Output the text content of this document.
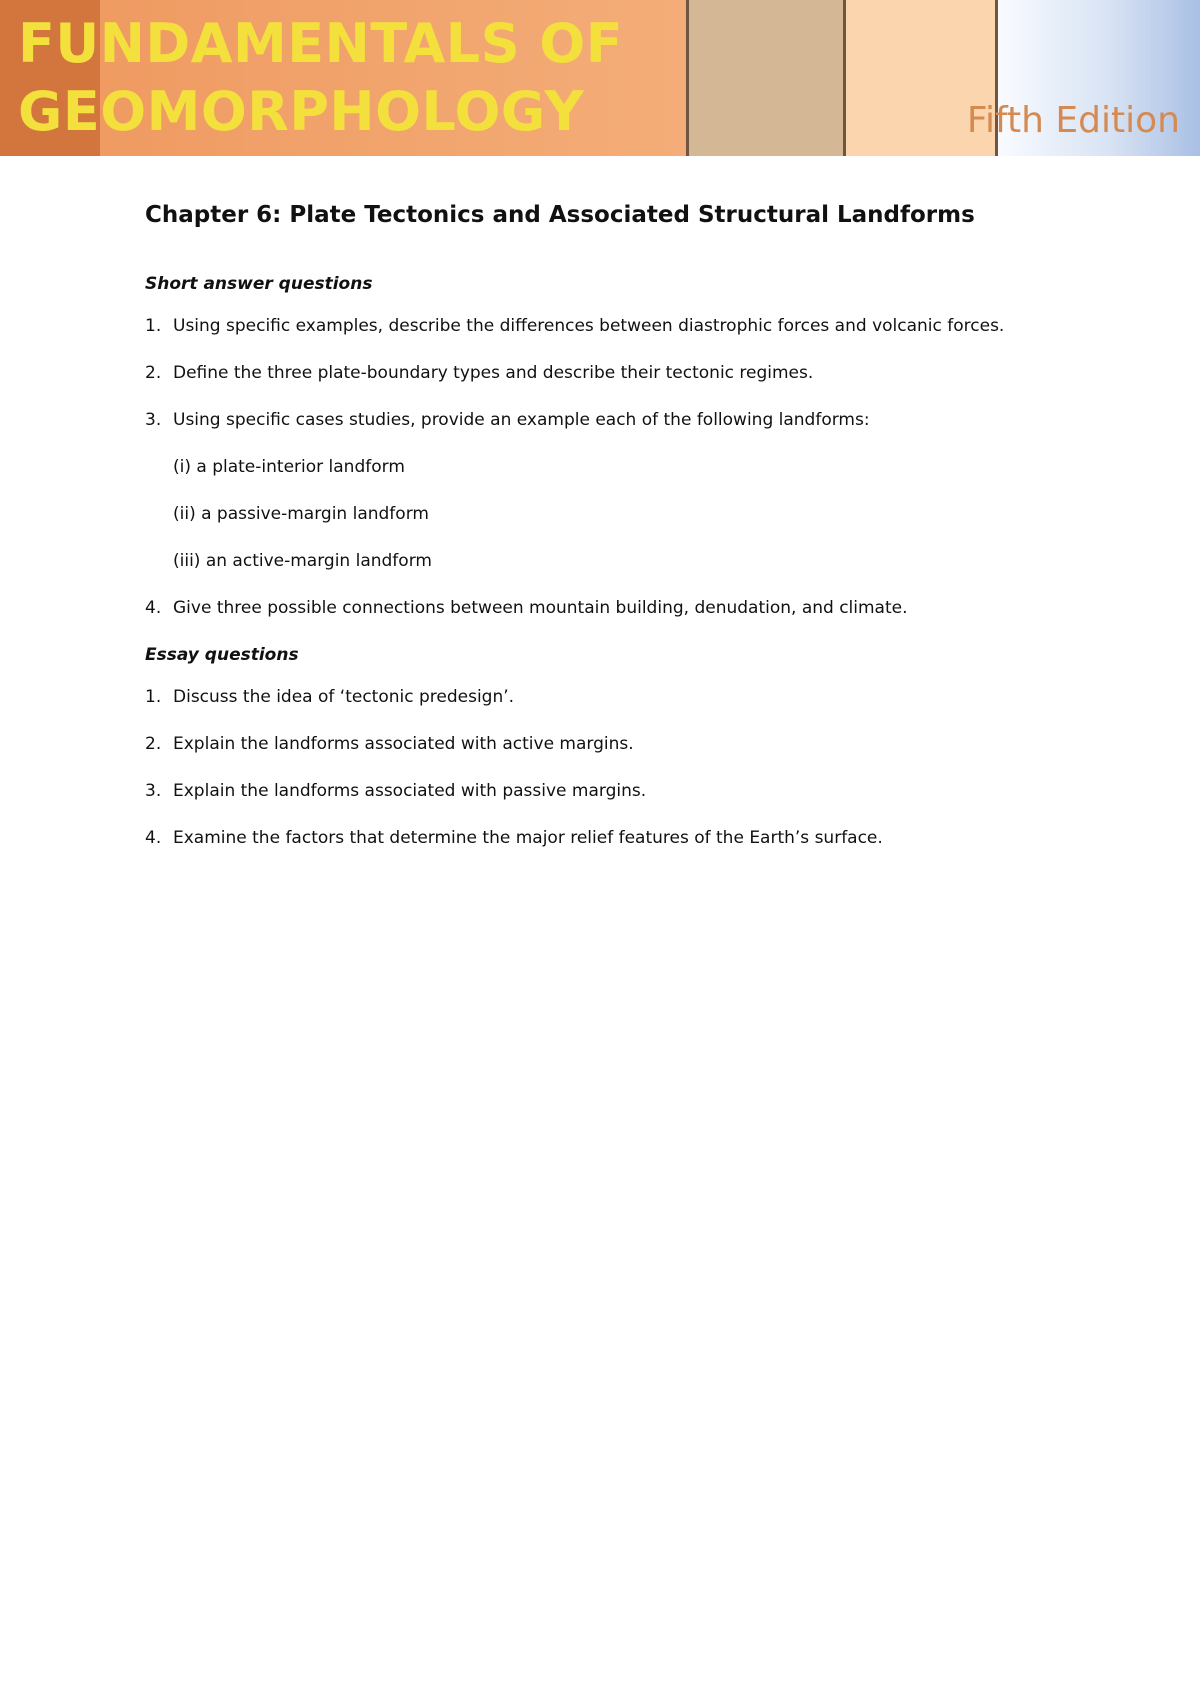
FUNDAMENTALS OF
GEOMORPHOLOGY	Fifth Edition

Chapter 6: Plate Tectonics and Associated Structural Landforms
Short answer questions
1. Using specific examples, describe the differences between diastrophic forces and volcanic forces.
2. Define the three plate-boundary types and describe their tectonic regimes.
3. Using specific cases studies, provide an example each of the following landforms:
(i) a plate-interior landform
(ii) a passive-margin landform
(iii) an active-margin landform
4. Give three possible connections between mountain building, denudation, and climate.
Essay questions
1. Discuss the idea of ‘tectonic predesign’.
2. Explain the landforms associated with active margins.
3. Explain the landforms associated with passive margins.
4. Examine the factors that determine the major relief features of the Earth’s surface.
